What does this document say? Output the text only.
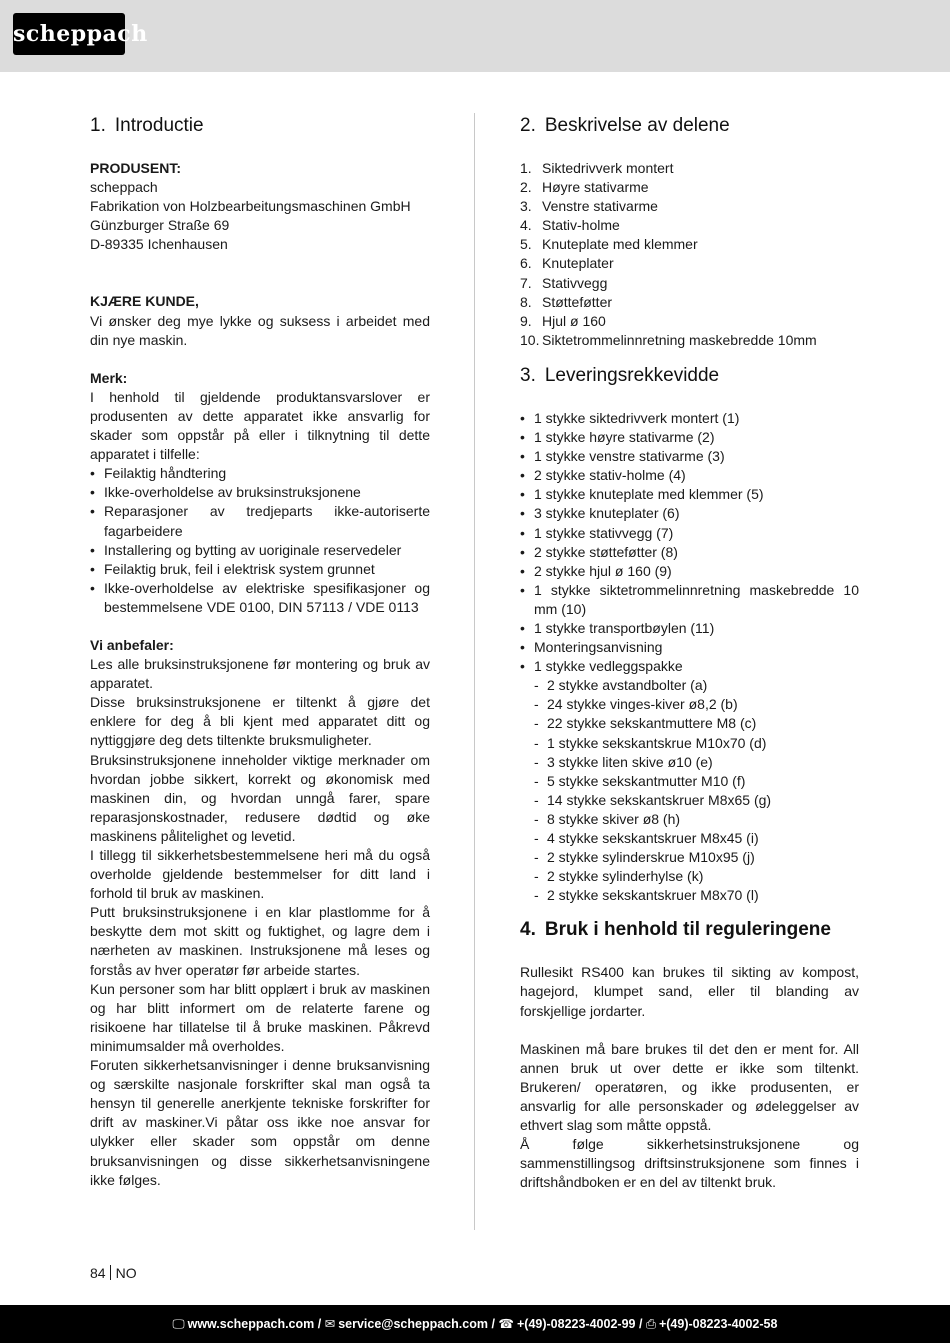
scheppach
1. Introductie
PRODUSENT:
scheppach
Fabrikation von Holzbearbeitungsmaschinen GmbH
Günzburger Straße 69
D-89335 Ichenhausen
KJÆRE KUNDE,
Vi ønsker deg mye lykke og suksess i arbeidet med din nye maskin.
Merk:
I henhold til gjeldende produktansvarslover er produsenten av dette apparatet ikke ansvarlig for skader som oppstår på eller i tilknytning til dette apparatet i tilfelle:
• Feilaktig håndtering
• Ikke-overholdelse av bruksinstruksjonene
• Reparasjoner av tredjeparts ikke-autoriserte fagarbeidere
• Installering og bytting av uoriginale reservedeler
• Feilaktig bruk, feil i elektrisk system grunnet
• Ikke-overholdelse av elektriske spesifikasjoner og bestemmelsene VDE 0100, DIN 57113 / VDE 0113
Vi anbefaler:
Les alle bruksinstruksjonene før montering og bruk av apparatet.
Disse bruksinstruksjonene er tiltenkt å gjøre det enklere for deg å bli kjent med apparatet ditt og nyttiggjøre deg dets tiltenkte bruksmuligheter.
Bruksinstruksjonene inneholder viktige merknader om hvordan jobbe sikkert, korrekt og økonomisk med maskinen din, og hvordan unngå farer, spare reparasjonskostnader, redusere dødtid og øke maskinens pålitelighet og levetid.
I tillegg til sikkerhetsbestemmelsene heri må du også overholde gjeldende bestemmelser for ditt land i forhold til bruk av maskinen.
Putt bruksinstruksjonene i en klar plastlomme for å beskytte dem mot skitt og fuktighet, og lagre dem i nærheten av maskinen. Instruksjonene må leses og forstås av hver operatør før arbeide startes.
Kun personer som har blitt opplært i bruk av maskinen og har blitt informert om de relaterte farene og risikoene har tillatelse til å bruke maskinen. Påkrevd minimumsalder må overholdes.
Foruten sikkerhetsanvisninger i denne bruksanvisning og særskilte nasjonale forskrifter skal man også ta hensyn til generelle anerkjente tekniske forskrifter for drift av maskiner.Vi påtar oss ikke noe ansvar for ulykker eller skader som oppstår om denne bruksanvisningen og disse sikkerhetsanvisningene ikke følges.
2. Beskrivelse av delene
1. Siktedrivverk montert
2. Høyre stativarme
3. Venstre stativarme
4. Stativ-holme
5. Knuteplate med klemmer
6. Knuteplater
7. Stativvegg
8. Støtteføtter
9. Hjul ø 160
10. Siktetrommelinnretning maskebredde 10mm
3. Leveringsrekkevidde
• 1 stykke siktedrivverk montert (1)
• 1 stykke høyre stativarme (2)
• 1 stykke venstre stativarme (3)
• 2 stykke stativ-holme (4)
• 1 stykke knuteplate med klemmer (5)
• 3 stykke knuteplater (6)
• 1 stykke stativvegg (7)
• 2 stykke støtteføtter (8)
• 2 stykke hjul ø 160 (9)
• 1 stykke siktetrommelinnretning maskebredde 10 mm (10)
• 1 stykke transportbøylen (11)
• Monteringsanvisning
• 1 stykke vedleggspakke
- 2 stykke avstandbolter (a)
- 24 stykke vinges-kiver ø8,2 (b)
- 22 stykke sekskantmuttere M8 (c)
- 1 stykke sekskantskrue M10x70 (d)
- 3 stykke liten skive ø10 (e)
- 5 stykke sekskantmutter M10 (f)
- 14 stykke sekskantskruer M8x65 (g)
- 8 stykke skiver ø8 (h)
- 4 stykke sekskantskruer M8x45 (i)
- 2 stykke sylinderskrue M10x95 (j)
- 2 stykke sylinderhylse (k)
- 2 stykke sekskantskruer M8x70 (l)
4. Bruk i henhold til reguleringene
Rullesikt RS400 kan brukes til sikting av kompost, hagejord, klumpet sand, eller til blanding av forskjellige jordarter.
Maskinen må bare brukes til det den er ment for. All annen bruk ut over dette er ikke som tiltenkt. Brukeren/ operatøren, og ikke produsenten, er ansvarlig for alle personskader og ødeleggelser av ethvert slag som måtte oppstå.
Å følge sikkerhetsinstruksjonene og sammenstillingsog driftsinstruksjonene som finnes i driftshåndboken er en del av tiltenkt bruk.
84 NO
🖵 www.scheppach.com / ✉ service@scheppach.com / ☎ +(49)-08223-4002-99 / ⎙ +(49)-08223-4002-58
